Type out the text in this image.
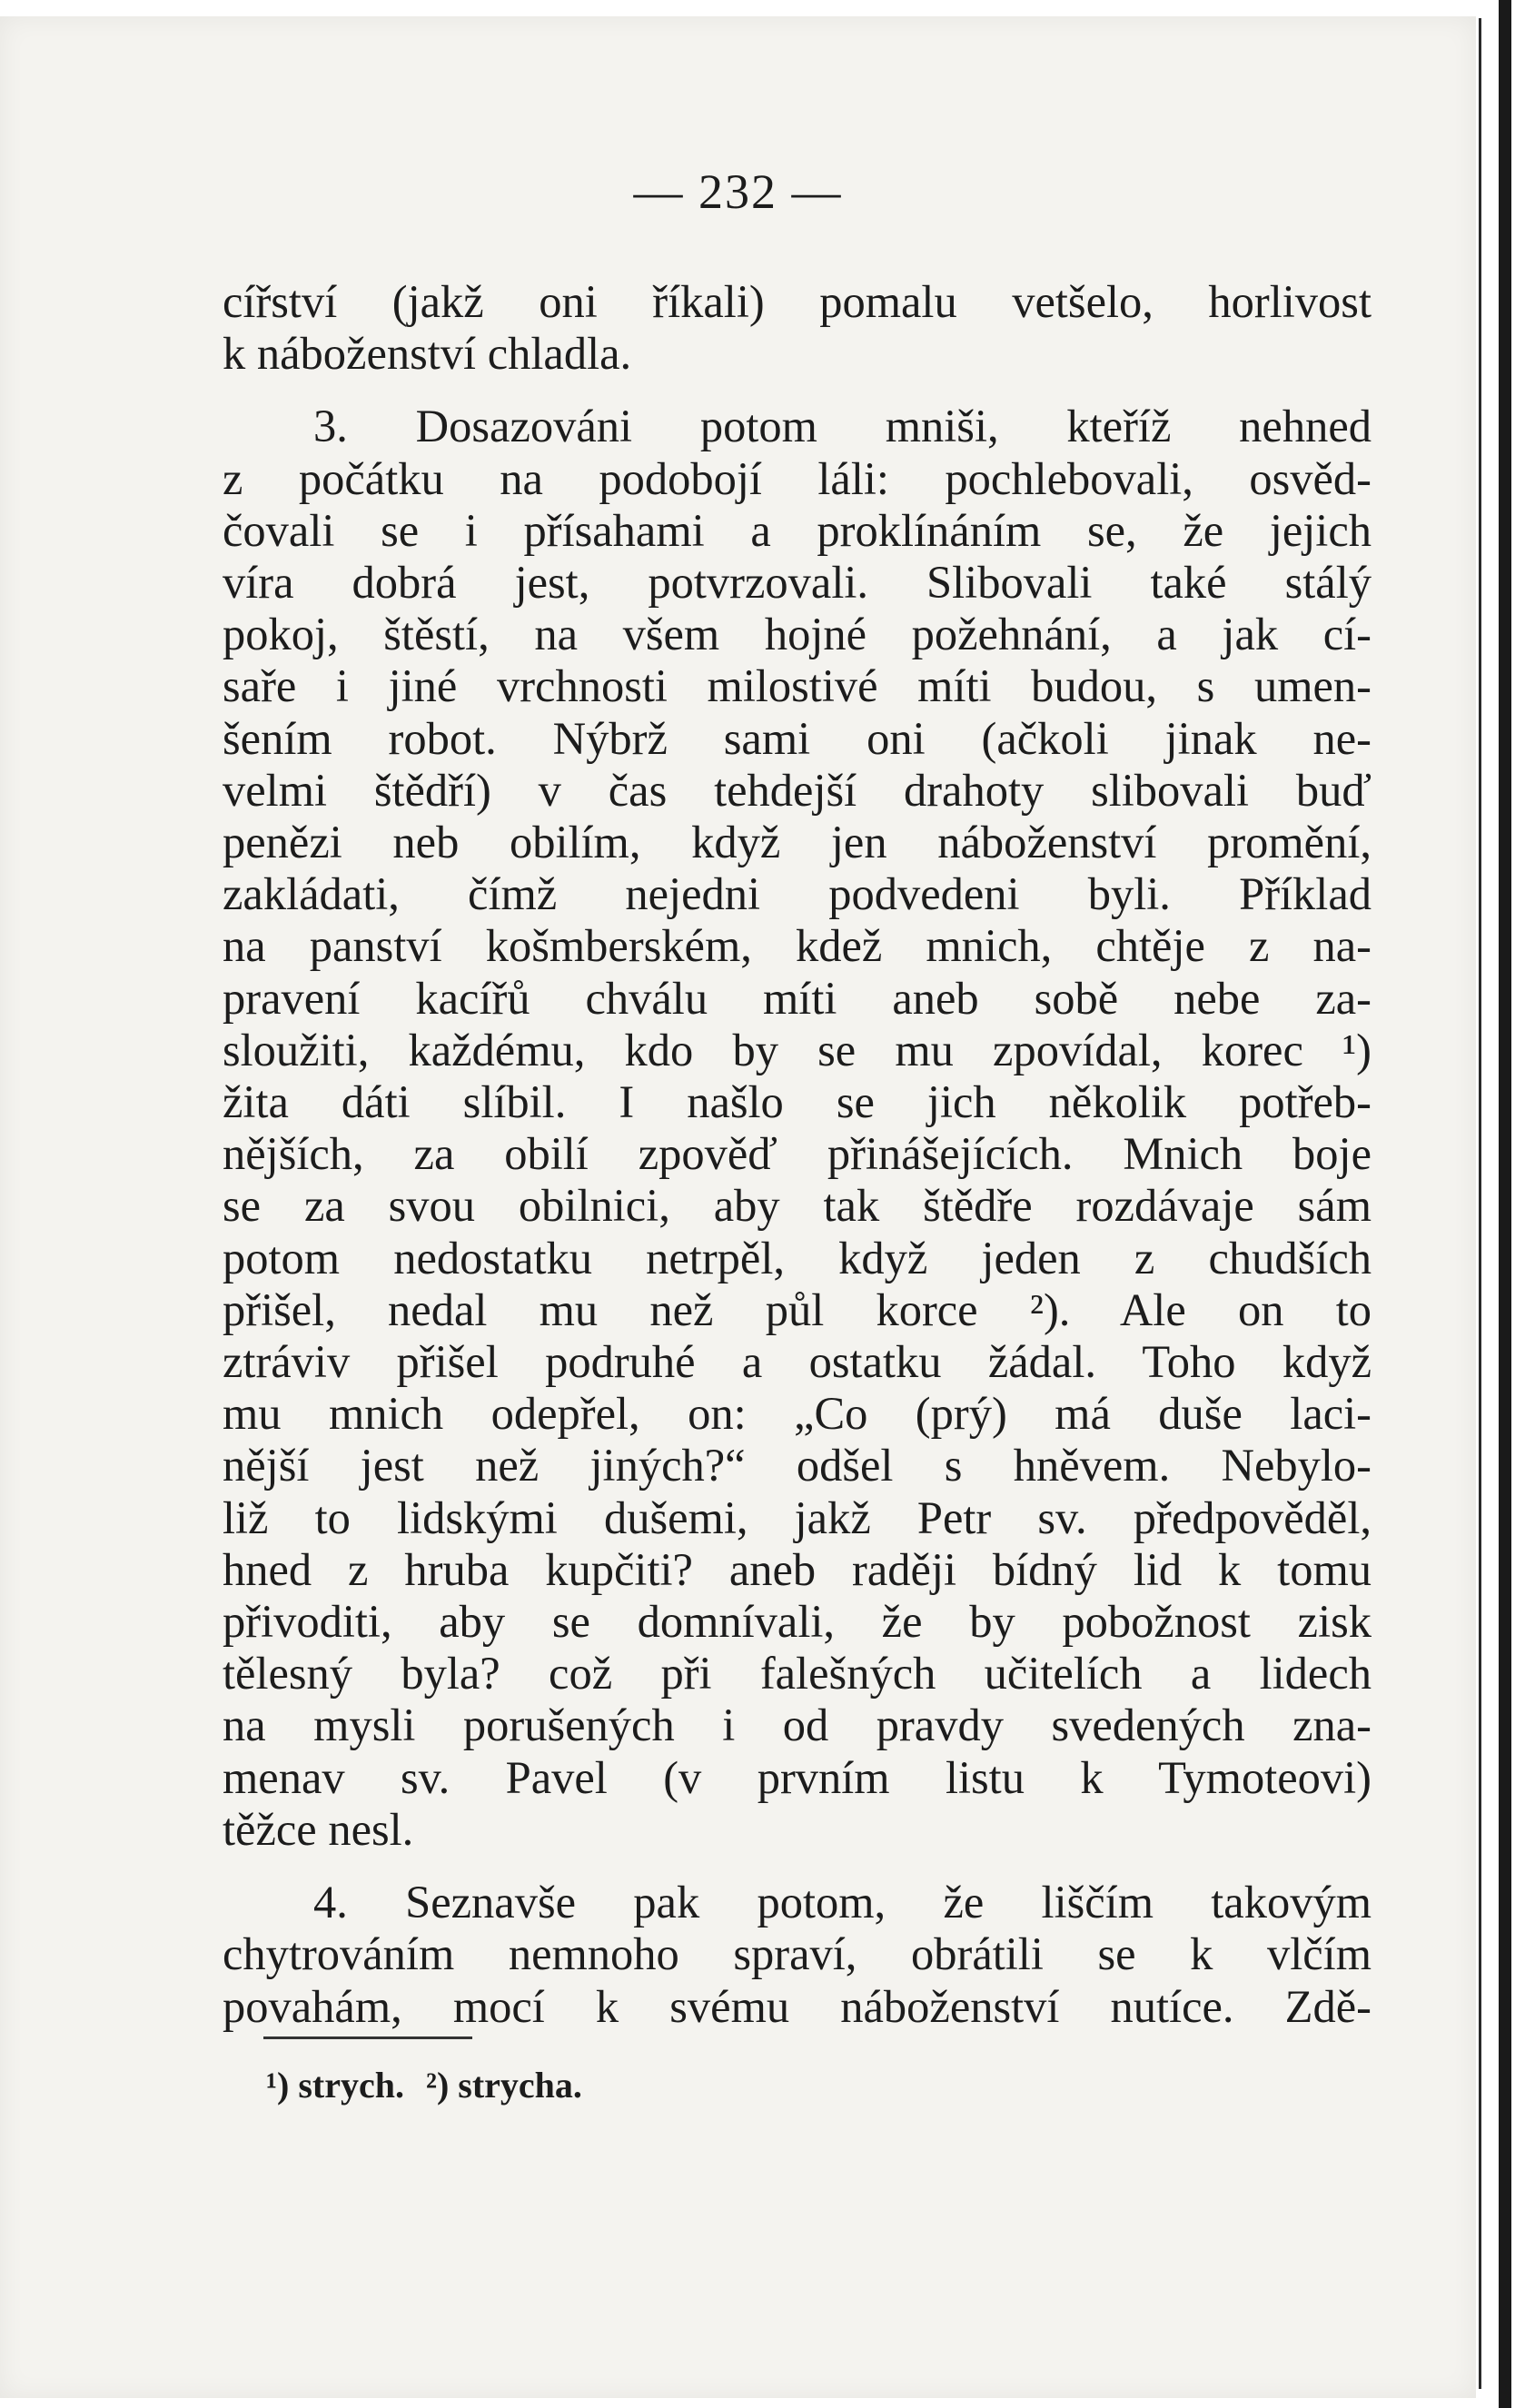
— 232 —
cířství (jakž oni říkali) pomalu vetšelo, horlivost
k náboženství chladla.
3. Dosazováni potom mniši, kteříž nehned
z počátku na podobojí láli: pochlebovali, osvěd-
čovali se i přísahami a proklínáním se, že jejich
víra dobrá jest, potvrzovali. Slibovali také stálý
pokoj, štěstí, na všem hojné požehnání, a jak cí-
saře i jiné vrchnosti milostivé míti budou, s umen-
šením robot. Nýbrž sami oni (ačkoli jinak ne-
velmi štědří) v čas tehdejší drahoty slibovali buď
penězi neb obilím, když jen náboženství promění,
zakládati, čímž nejedni podvedeni byli. Příklad
na panství košmberském, kdež mnich, chtěje z na-
pravení kacířů chválu míti aneb sobě nebe za-
sloužiti, každému, kdo by se mu zpovídal, korec ¹)
žita dáti slíbil. I našlo se jich několik potřeb-
nějších, za obilí zpověď přinášejících. Mnich boje
se za svou obilnici, aby tak štědře rozdávaje sám
potom nedostatku netrpěl, když jeden z chudších
přišel, nedal mu než půl korce ²). Ale on to
ztráviv přišel podruhé a ostatku žádal. Toho když
mu mnich odepřel, on: „Co (prý) má duše laci-
nější jest než jiných?“ odšel s hněvem. Nebylo-
liž to lidskými dušemi, jakž Petr sv. předpověděl,
hned z hruba kupčiti? aneb raději bídný lid k tomu
přivoditi, aby se domnívali, že by pobožnost zisk
tělesný byla? což při falešných učitelích a lidech
na mysli porušených i od pravdy svedených zna-
menav sv. Pavel (v prvním listu k Tymoteovi)
těžce nesl.
4. Seznavše pak potom, že liščím takovým
chytrováním nemnoho spraví, obrátili se k vlčím
povahám, mocí k svému náboženství nutíce. Zdě-
¹) strych. ²) strycha.
